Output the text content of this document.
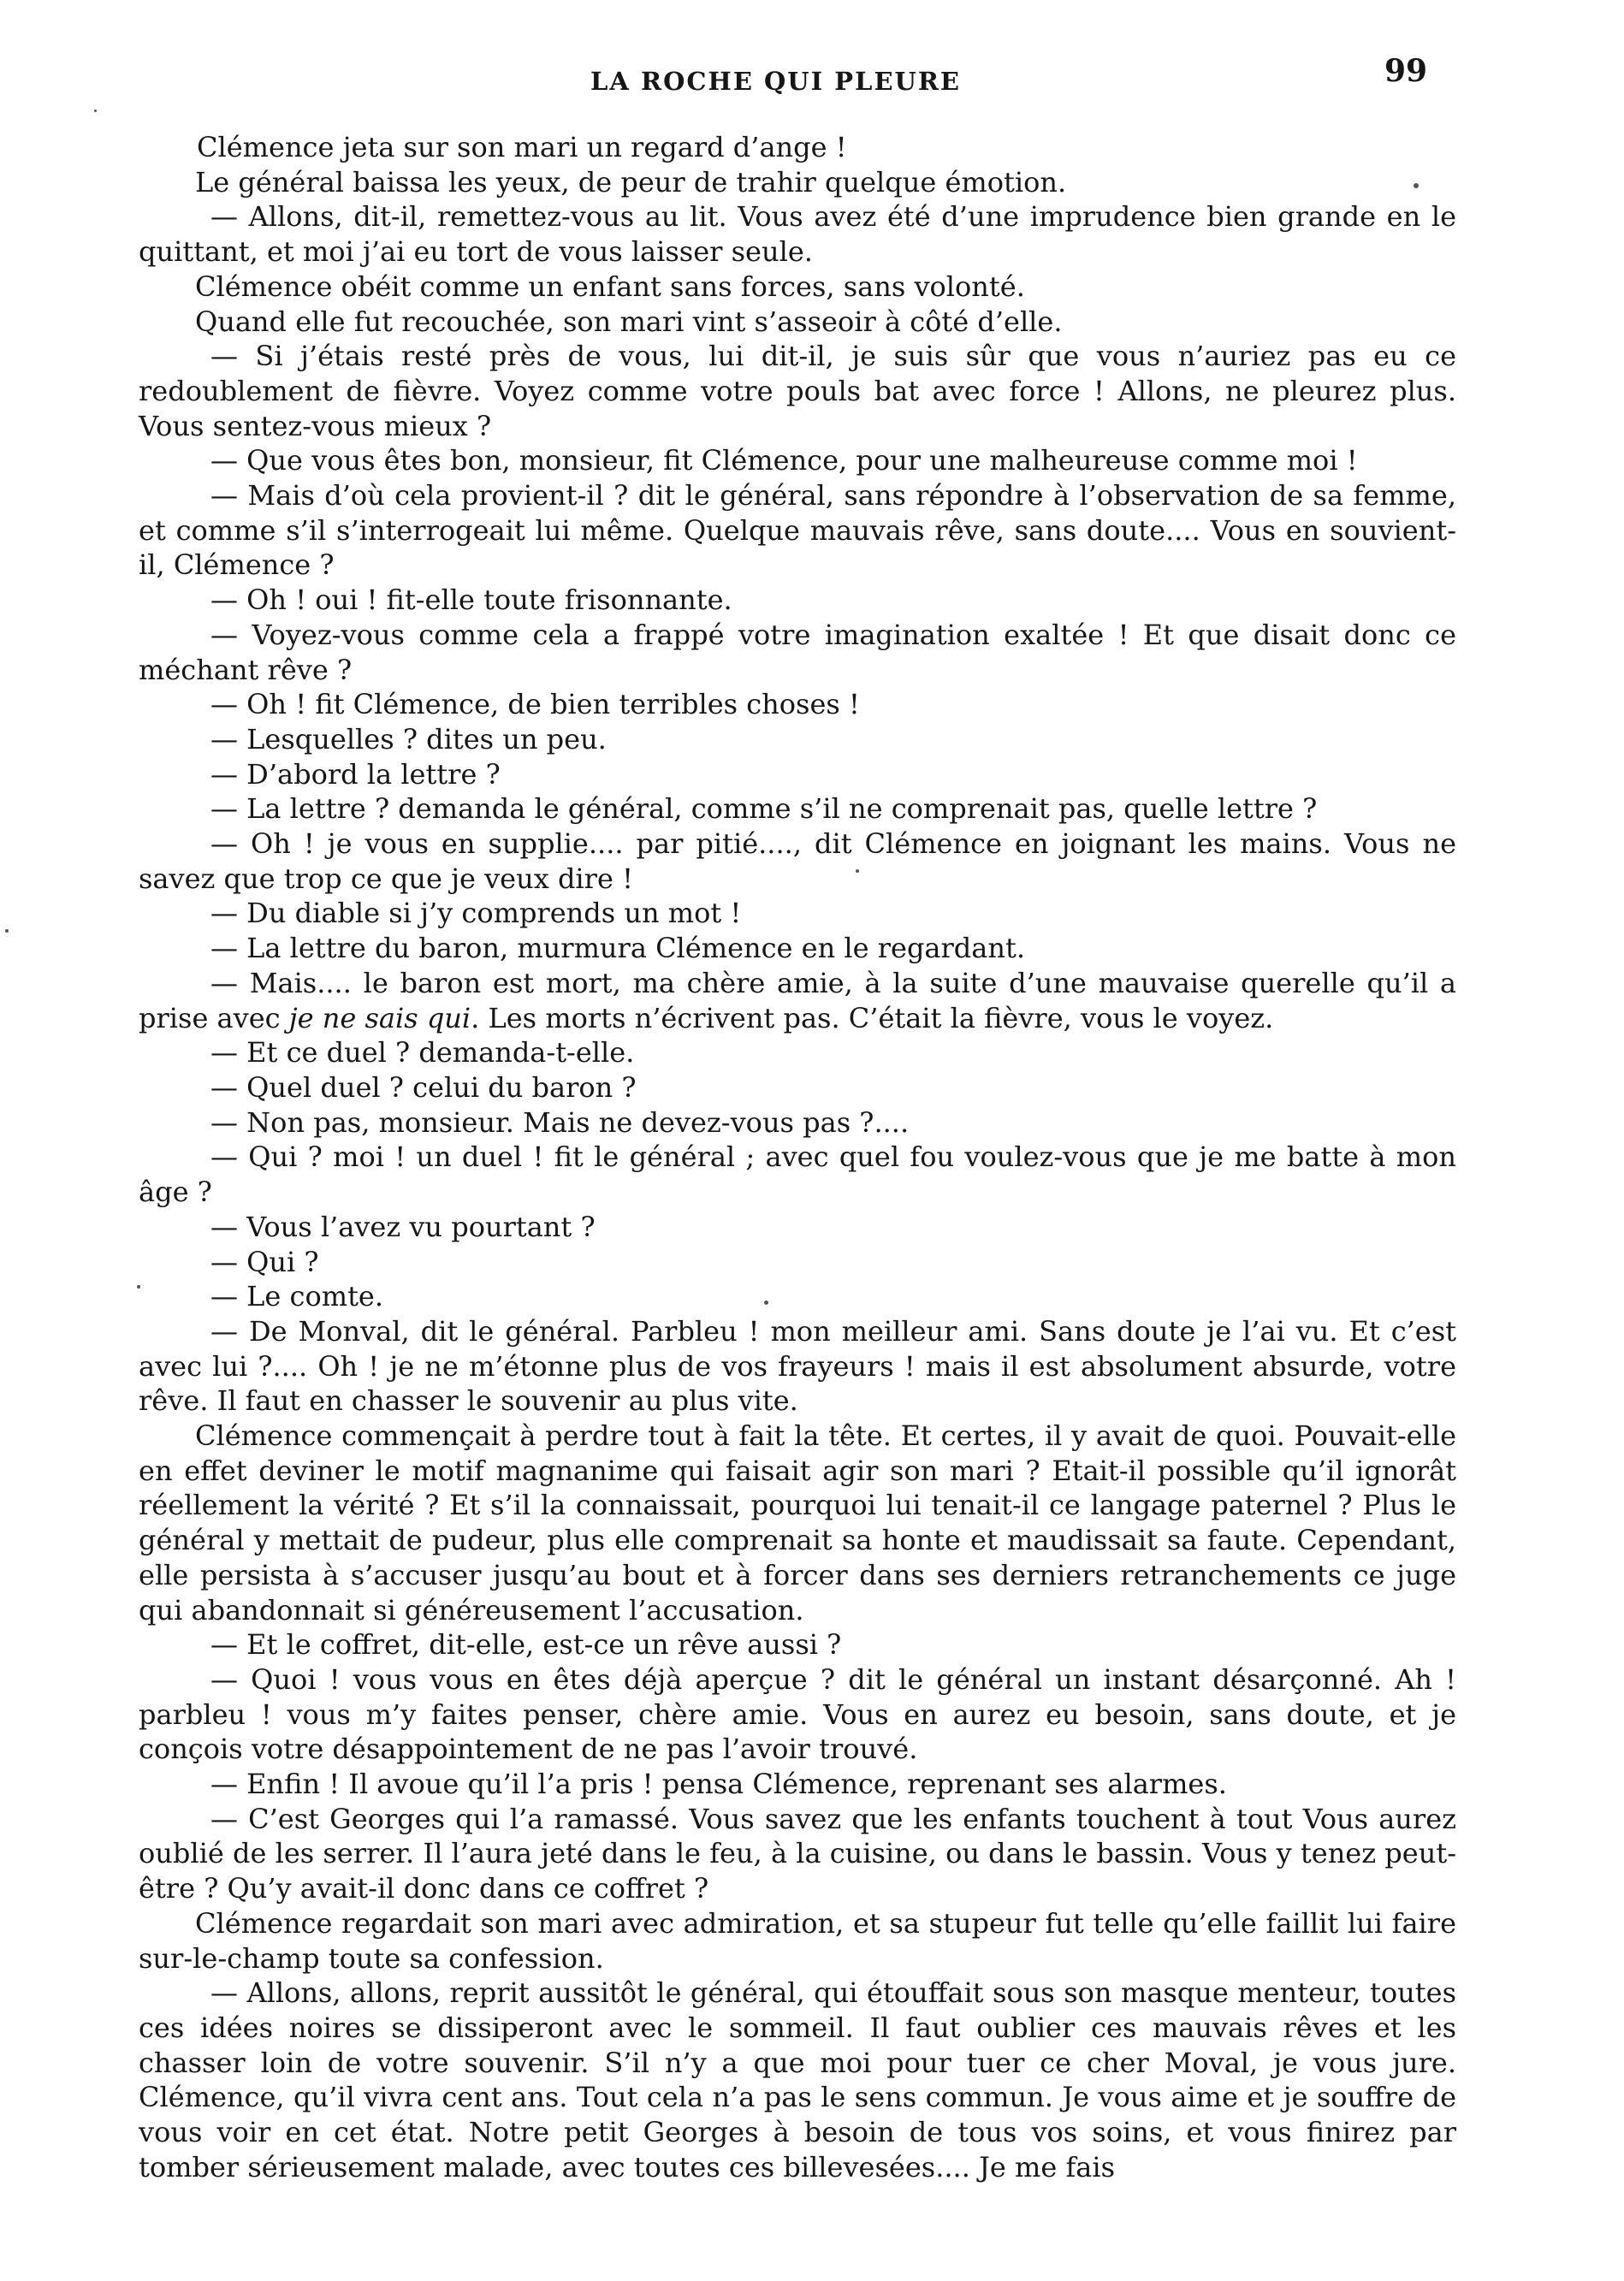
LA ROCHE QUI PLEURE	99

Clémence jeta sur son mari un regard d’ange !

Le général baissa les yeux, de peur de trahir quelque émotion.

— Allons, dit-il, remettez-vous au lit. Vous avez été d’une imprudence bien grande en le quittant, et moi j’ai eu tort de vous laisser seule.

Clémence obéit comme un enfant sans forces, sans volonté.

Quand elle fut recouchée, son mari vint s’asseoir à côté d’elle.

— Si j’étais resté près de vous, lui dit-il, je suis sûr que vous n’auriez pas eu ce redoublement de fièvre. Voyez comme votre pouls bat avec force ! Allons, ne pleurez plus. Vous sentez-vous mieux ?

— Que vous êtes bon, monsieur, fit Clémence, pour une malheureuse comme moi !

— Mais d’où cela provient-il ? dit le général, sans répondre à l’observation de sa femme, et comme s’il s’interrogeait lui même. Quelque mauvais rêve, sans doute.... Vous en souvient-il, Clémence ?

— Oh ! oui ! fit-elle toute frisonnante.

— Voyez-vous comme cela a frappé votre imagination exaltée ! Et que disait donc ce méchant rêve ?

— Oh ! fit Clémence, de bien terribles choses !

— Lesquelles ? dites un peu.

— D’abord la lettre ?

— La lettre ? demanda le général, comme s’il ne comprenait pas, quelle lettre ?

— Oh ! je vous en supplie.... par pitié...., dit Clémence en joignant les mains. Vous ne savez que trop ce que je veux dire !

— Du diable si j’y comprends un mot !

— La lettre du baron, murmura Clémence en le regardant.

— Mais.... le baron est mort, ma chère amie, à la suite d’une mauvaise querelle qu’il a prise avec je ne sais qui. Les morts n’écrivent pas. C’était la fièvre, vous le voyez.

— Et ce duel ? demanda-t-elle.

— Quel duel ? celui du baron ?

— Non pas, monsieur. Mais ne devez-vous pas ?....

— Qui ? moi ! un duel ! fit le général ; avec quel fou voulez-vous que je me batte à mon âge ?

— Vous l’avez vu pourtant ?

— Qui ?

— Le comte.

— De Monval, dit le général. Parbleu ! mon meilleur ami. Sans doute je l’ai vu. Et c’est avec lui ?.... Oh ! je ne m’étonne plus de vos frayeurs ! mais il est absolument absurde, votre rêve. Il faut en chasser le souvenir au plus vite.

Clémence commençait à perdre tout à fait la tête. Et certes, il y avait de quoi. Pouvait-elle en effet deviner le motif magnanime qui faisait agir son mari ? Etait-il possible qu’il ignorât réellement la vérité ? Et s’il la connaissait, pourquoi lui tenait-il ce langage paternel ? Plus le général y mettait de pudeur, plus elle comprenait sa honte et maudissait sa faute. Cependant, elle persista à s’accuser jusqu’au bout et à forcer dans ses derniers retranchements ce juge qui abandonnait si généreusement l’accusation.

— Et le coffret, dit-elle, est-ce un rêve aussi ?

— Quoi ! vous vous en êtes déjà aperçue ? dit le général un instant désarçonné. Ah ! parbleu ! vous m’y faites penser, chère amie. Vous en aurez eu besoin, sans doute, et je conçois votre désappointement de ne pas l’avoir trouvé.

— Enfin ! Il avoue qu’il l’a pris ! pensa Clémence, reprenant ses alarmes.

— C’est Georges qui l’a ramassé. Vous savez que les enfants touchent à tout Vous aurez oublié de les serrer. Il l’aura jeté dans le feu, à la cuisine, ou dans le bassin. Vous y tenez peut-être ? Qu’y avait-il donc dans ce coffret ?

Clémence regardait son mari avec admiration, et sa stupeur fut telle qu’elle faillit lui faire sur-le-champ toute sa confession.

— Allons, allons, reprit aussitôt le général, qui étouffait sous son masque menteur, toutes ces idées noires se dissiperont avec le sommeil. Il faut oublier ces mauvais rêves et les chasser loin de votre souvenir. S’il n’y a que moi pour tuer ce cher Moval, je vous jure. Clémence, qu’il vivra cent ans. Tout cela n’a pas le sens commun. Je vous aime et je souffre de vous voir en cet état. Notre petit Georges à besoin de tous vos soins, et vous finirez par tomber sérieusement malade, avec toutes ces billevesées.... Je me fais
